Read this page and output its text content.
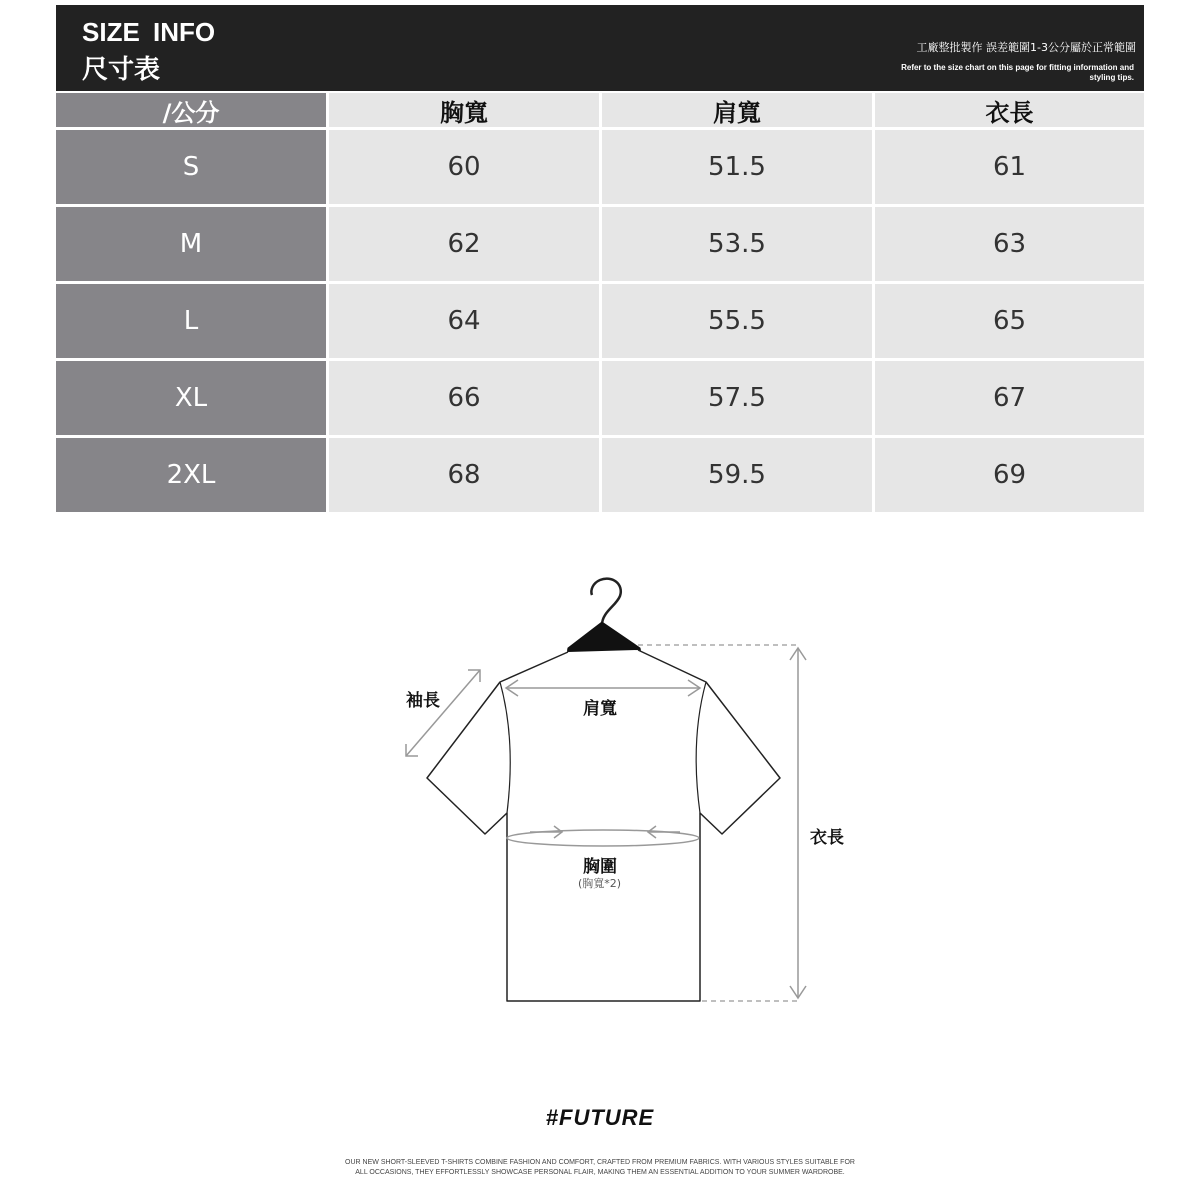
SIZE INFO
尺寸表
工廠整批製作 誤差範圍1-3公分屬於正常範圍
Refer to the size chart on this page for fitting information and styling tips.
/公分	胸寬	肩寬	衣長
S	60	51.5	61
M	62	53.5	63
L	64	55.5	65
XL	66	57.5	67
2XL	68	59.5	69
袖長	肩寬
胸圍
(胸寬*2)
衣長
#FUTURE
OUR NEW SHORT-SLEEVED T-SHIRTS COMBINE FASHION AND COMFORT, CRAFTED FROM PREMIUM FABRICS. WITH VARIOUS STYLES SUITABLE FOR ALL OCCASIONS, THEY EFFORTLESSLY SHOWCASE PERSONAL FLAIR, MAKING THEM AN ESSENTIAL ADDITION TO YOUR SUMMER WARDROBE.
